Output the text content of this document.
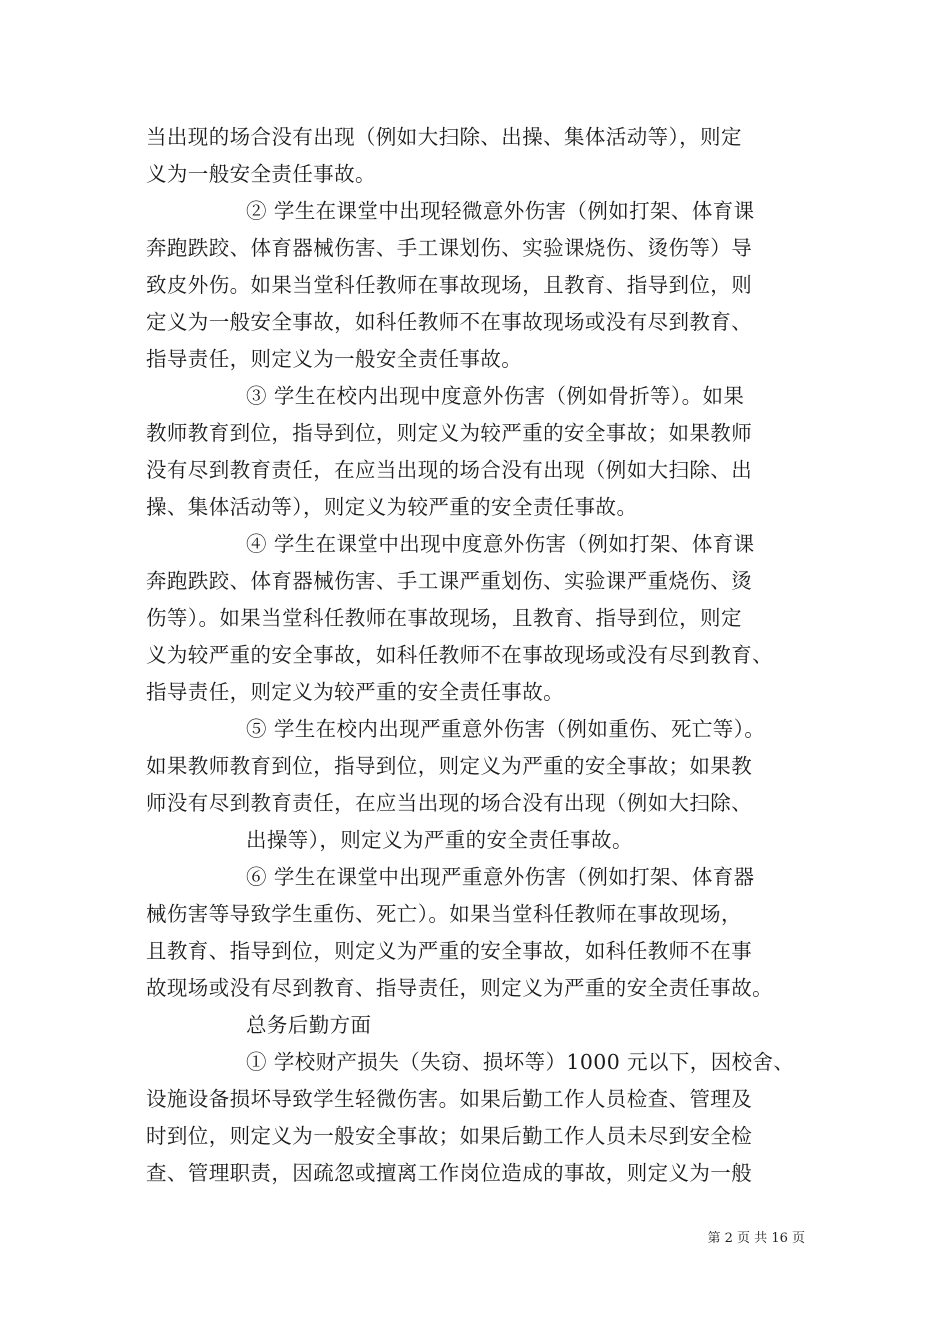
当出现的场合没有出现（例如大扫除、出操、集体活动等），则定
义为一般安全责任事故。
② 学生在课堂中出现轻微意外伤害（例如打架、体育课
奔跑跌跤、体育器械伤害、手工课划伤、实验课烧伤、烫伤等）导
致皮外伤。如果当堂科任教师在事故现场，且教育、指导到位，则
定义为一般安全事故，如科任教师不在事故现场或没有尽到教育、
指导责任，则定义为一般安全责任事故。
③ 学生在校内出现中度意外伤害（例如骨折等）。如果
教师教育到位，指导到位，则定义为较严重的安全事故；如果教师
没有尽到教育责任，在应当出现的场合没有出现（例如大扫除、出
操、集体活动等），则定义为较严重的安全责任事故。
④ 学生在课堂中出现中度意外伤害（例如打架、体育课
奔跑跌跤、体育器械伤害、手工课严重划伤、实验课严重烧伤、烫
伤等）。如果当堂科任教师在事故现场，且教育、指导到位，则定
义为较严重的安全事故，如科任教师不在事故现场或没有尽到教育、
指导责任，则定义为较严重的安全责任事故。
⑤ 学生在校内出现严重意外伤害（例如重伤、死亡等）。
如果教师教育到位，指导到位，则定义为严重的安全事故；如果教
师没有尽到教育责任，在应当出现的场合没有出现（例如大扫除、
出操等），则定义为严重的安全责任事故。
⑥ 学生在课堂中出现严重意外伤害（例如打架、体育器
械伤害等导致学生重伤、死亡）。如果当堂科任教师在事故现场，
且教育、指导到位，则定义为严重的安全事故，如科任教师不在事
故现场或没有尽到教育、指导责任，则定义为严重的安全责任事故。
总务后勤方面
① 学校财产损失（失窃、损坏等）1000 元以下，因校舍、
设施设备损坏导致学生轻微伤害。如果后勤工作人员检查、管理及
时到位，则定义为一般安全事故；如果后勤工作人员未尽到安全检
查、管理职责，因疏忽或擅离工作岗位造成的事故，则定义为一般
第 2 页 共 16 页
